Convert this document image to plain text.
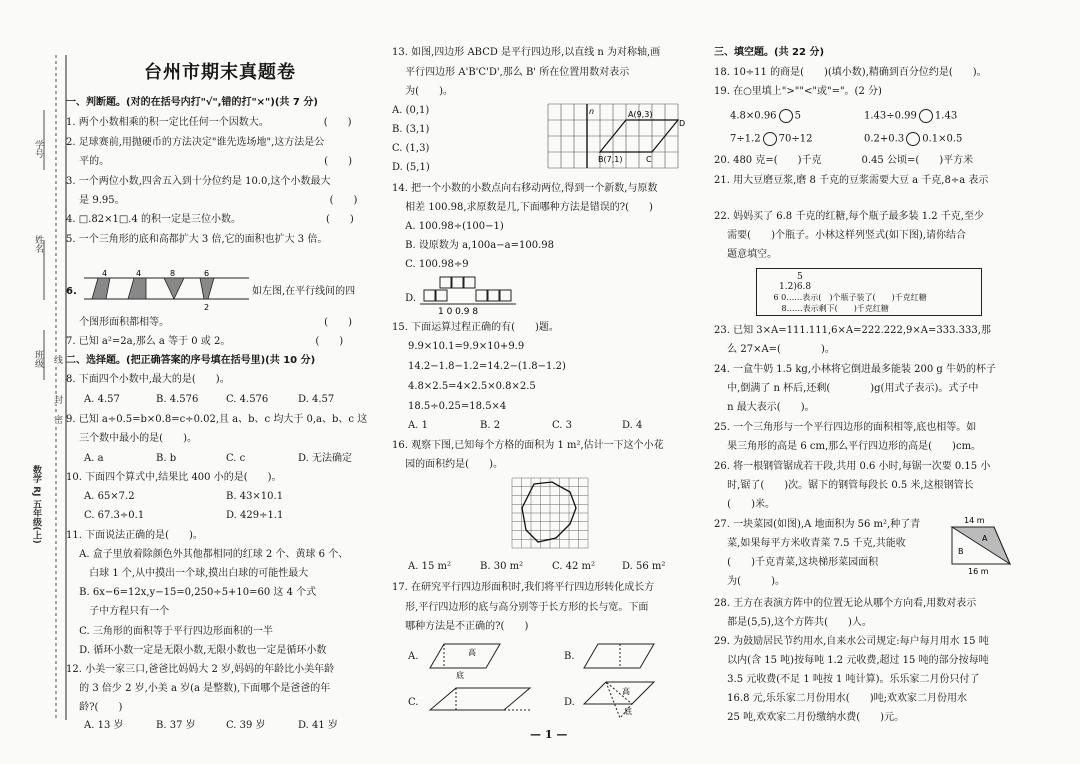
学号
姓名
班级 线
封
密
数学 RJ 五年级(上)
台州市期末真题卷
一、判断题。(对的在括号内打"√",错的打"×")(共 7 分)
1. 两个小数相乘的积一定比任何一个因数大。　　　　　　(　　)
2. 足球赛前,用抛硬币的方法决定"谁先选场地",这方法是公
　 平的。　　　　　　　　　　　　　　　　　　　　　　(　　)
3. 一个两位小数,四舍五入到十分位约是 10.0,这个小数最大
　 是 9.95。　　　　　　　　　　　　　　　　　　　　　(　　)
4. □.82×1□.4 的积一定是三位小数。　　　　　　　　　(　　)
5. 一个三角形的底和高都扩大 3 倍,它的面积也扩大 3 倍。
6.
4	4	8	6
2
如左图,在平行线间的四
　 个图形面积都相等。　　　　　　　　　　　　　　　　(　　)
7. 已知 a²=2a,那么 a 等于 0 或 2。　　　　　　　　　(　　)
二、选择题。(把正确答案的序号填在括号里)(共 10 分)
8. 下面四个小数中,最大的是(　　)。
A. 4.57	B. 4.576	C. 4.576	D. 4.57
9. 已知 a÷0.5=b×0.8=c÷0.02,且 a、b、c 均大于 0,a、b、c 这
　 三个数中最小的是(　　)。
A. a	B. b	C. c	D. 无法确定
10. 下面四个算式中,结果比 400 小的是(　　)。
A. 65×7.2	B. 43×10.1
C. 67.3÷0.1	D. 429÷1.1
11. 下面说法正确的是(　　)。
　 A. 盒子里放着除颜色外其他都相同的红球 2 个、黄球 6 个、
　　 白球 1 个,从中摸出一个球,摸出白球的可能性最大
　 B. 6x−6=12x,y−15=0,250÷5+10=60 这 4 个式
　　 子中方程只有一个
　 C. 三角形的面积等于平行四边形面积的一半
　 D. 循环小数一定是无限小数,无限小数也一定是循环小数
12. 小美一家三口,爸爸比妈妈大 2 岁,妈妈的年龄比小美年龄
　 的 3 倍少 2 岁,小美 a 岁(a 是整数),下面哪个是爸爸的年
　 龄?(　　)
A. 13 岁	B. 37 岁	C. 39 岁	D. 41 岁
13. 如图,四边形 ABCD 是平行四边形,以直线 n 为对称轴,画
　 平行四边形 A'B'C'D',那么 B' 所在位置用数对表示
　 为(　　)。
A. (0,1)
B. (3,1)
C. (1,3)
D. (5,1)
n	A(9,3)
D
B(7,1)	C
14. 把一个小数的小数点向右移动两位,得到一个新数,与原数
　 相差 100.98,求原数是几,下面哪种方法是错误的?(　　)
　 A. 100.98÷(100−1)
　 B. 设原数为 a,100a−a=100.98
　 C. 100.98÷9
　 D.
1 0 0.9 8
15. 下面运算过程正确的有(　　)题。
9.9×10.1=9.9×10+9.9
14.2−1.8−1.2=14.2−(1.8−1.2)
4.8×2.5=4×2.5×0.8×2.5
18.5÷0.25=18.5×4
A. 1	B. 2	C. 3	D. 4
16. 观察下图,已知每个方格的面积为 1 m²,估计一下这个小花
　 园的面积约是(　　)。
A. 15 m²	B. 30 m²	C. 42 m²	D. 56 m²
17. 在研究平行四边形面积时,我们将平行四边形转化成长方
　 形,平行四边形的底与高分别等于长方形的长与宽。下面
　 哪种方法是不正确的?(　　)
A.	高
底
B.
C.	D.
高
底
— 1 —
三、填空题。(共 22 分)
18. 10÷11 的商是(　　)(填小数),精确到百分位约是(　　)。
19. 在○里填上">""<"或"="。(2 分)
4.8×0.96 5	1.43÷0.99 1.43
7÷1.2 70÷12	0.2+0.3 0.1×0.5
20. 480 克=(　　)千克　　　　0.45 公顷=(　　)平方米
21. 用大豆磨豆浆,磨 8 千克的豆浆需要大豆 a 千克,8÷a 表示
22. 妈妈买了 6.8 千克的红糖,每个瓶子最多装 1.2 千克,至少
　 需要(　　)个瓶子。小林这样列竖式(如下图),请你结合
　 题意填空。
5
1.2)6.8
　 6 0……表示(　)个瓶子装了(　　)千克红糖
　　 8……表示剩下(　　)千克红糖
23. 已知 3×A=111.111,6×A=222.222,9×A=333.333,那
　 么 27×A=(　　　　)。
24. 一盒牛奶 1.5 kg,小林将它倒进最多能装 200 g 牛奶的杯子
　 中,倒满了 n 杯后,还剩(　　　　)g(用式子表示)。式子中
　 n 最大表示(　　)。
25. 一个三角形与一个平行四边形的面积相等,底也相等。如
　 果三角形的高是 6 cm,那么平行四边形的高是(　　)cm。
26. 将一根钢管锯成若干段,共用 0.6 小时,每锯一次要 0.15 小
　 时,锯了(　　)次。锯下的钢管每段长 0.5 米,这根钢管长
　 (　　)米。
27. 一块菜园(如图),A 地面积为 56 m²,种了青
　 菜,如果每平方米收青菜 7.5 千克,共能收
　 (　　)千克青菜,这块梯形菜园面积
　 为(　　　)。
14 m
A
B
16 m
28. 王方在表演方阵中的位置无论从哪个方向看,用数对表示
　 都是(5,5),这个方阵共(　　)人。
29. 为鼓励居民节约用水,自来水公司规定:每户每月用水 15 吨
　 以内(含 15 吨)按每吨 1.2 元收费,超过 15 吨的部分按每吨
　 3.5 元收费(不足 1 吨按 1 吨计算)。乐乐家二月份只付了
　 16.8 元,乐乐家二月份用水(　　)吨;欢欢家二月份用水
　 25 吨,欢欢家二月份缴纳水费(　　)元。
